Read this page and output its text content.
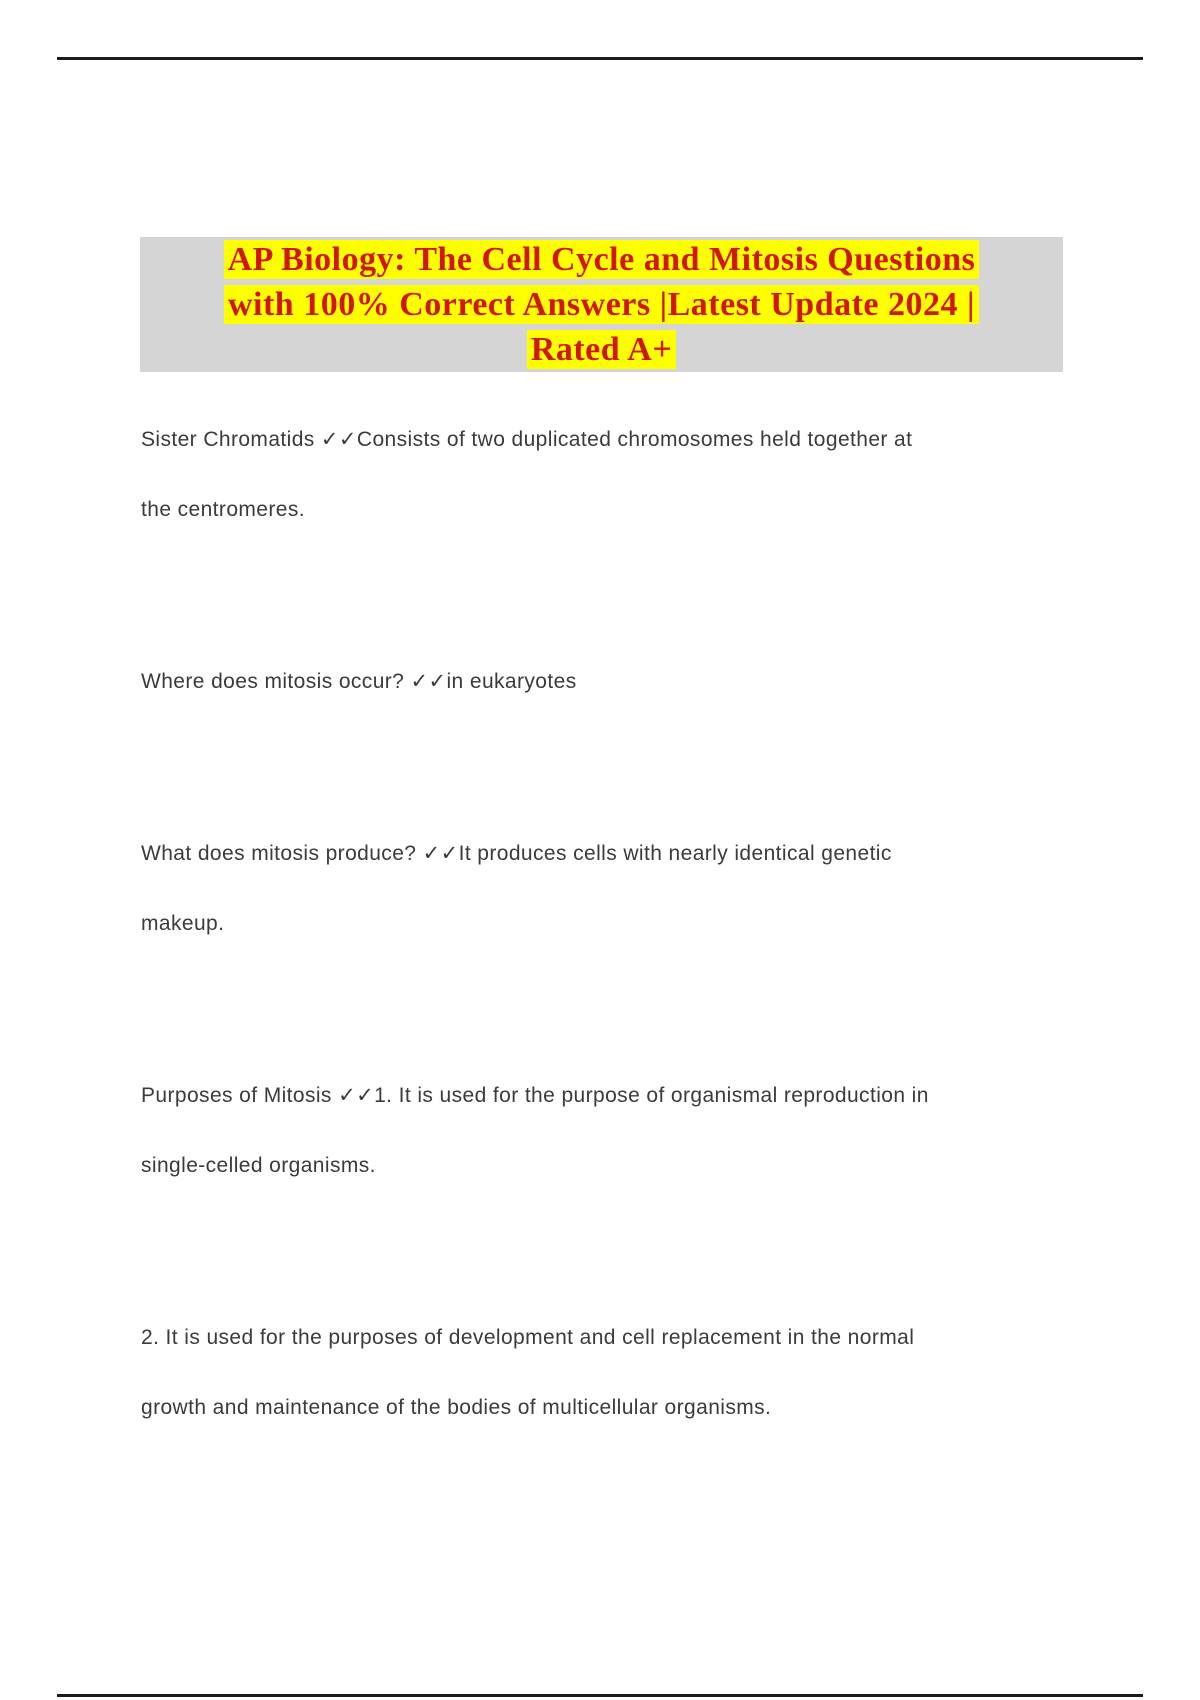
AP Biology: The Cell Cycle and Mitosis Questions
with 100% Correct Answers |Latest Update 2024 |
Rated A+
Sister Chromatids ✓✓Consists of two duplicated chromosomes held together at
the centromeres.
Where does mitosis occur? ✓✓in eukaryotes
What does mitosis produce? ✓✓It produces cells with nearly identical genetic
makeup.
Purposes of Mitosis ✓✓1. It is used for the purpose of organismal reproduction in
single-celled organisms.
2. It is used for the purposes of development and cell replacement in the normal
growth and maintenance of the bodies of multicellular organisms.
